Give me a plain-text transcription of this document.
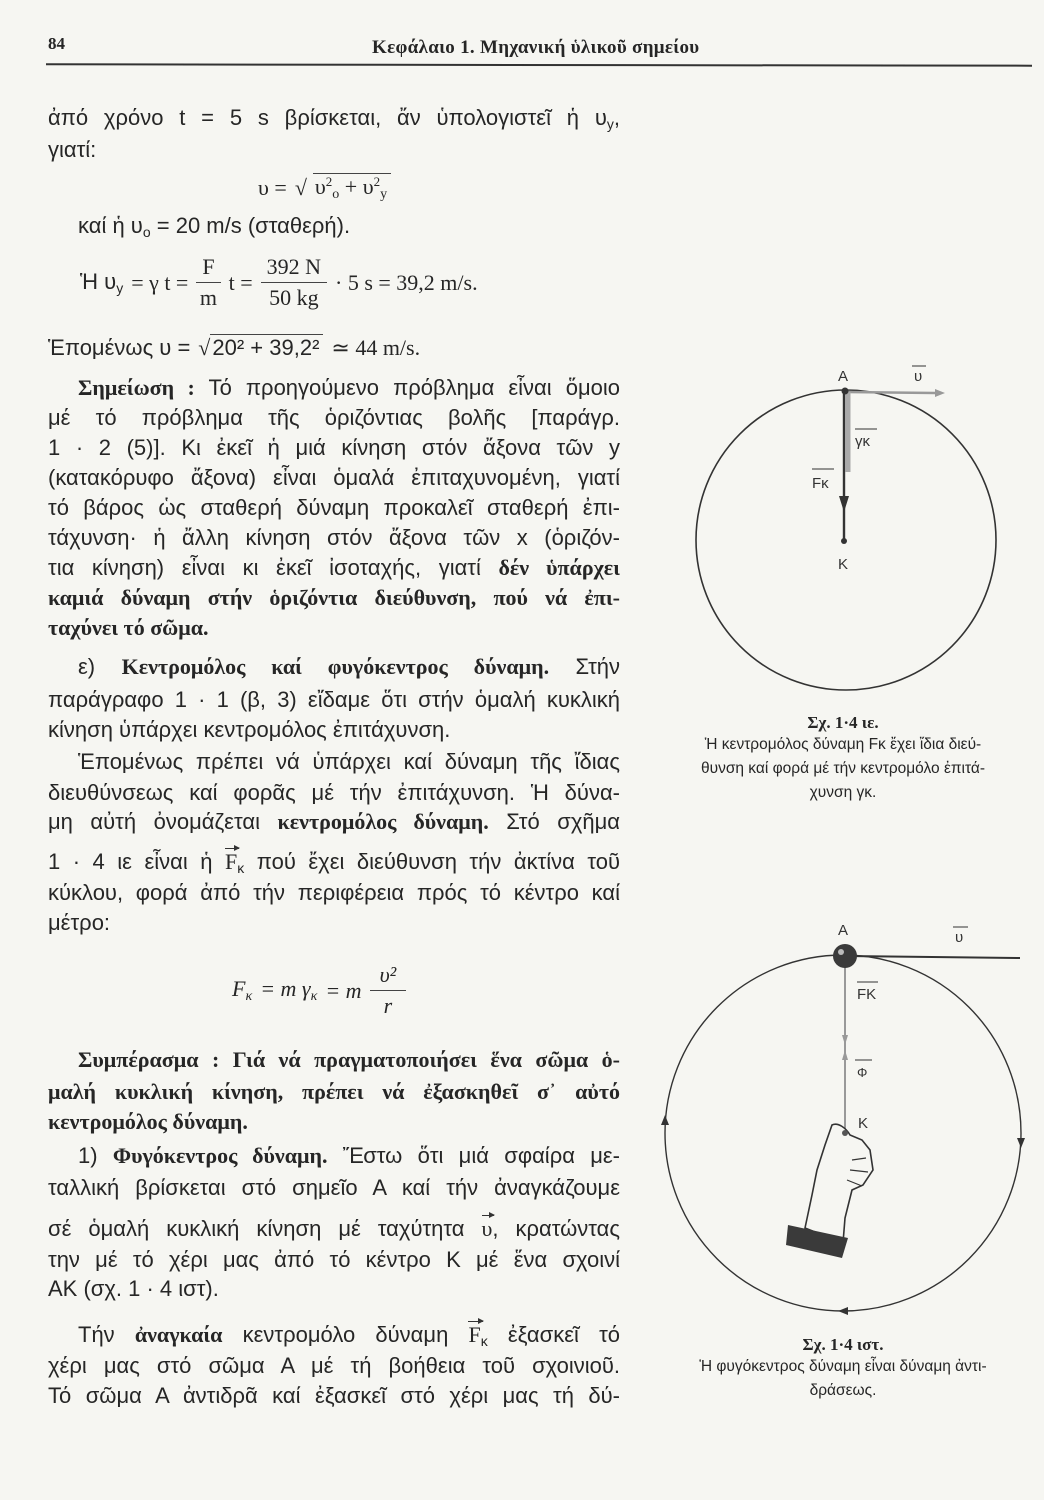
84	Κεφάλαιο 1. Μηχανική ὑλικοῦ σημείου
ἀπό χρόνο t = 5 s βρίσκεται, ἄν ὑπολογιστεῖ ἡ $\upsilon_y$,
γιατί:
καί ἡ $\upsilon_o = 20$ m/s (σταθερή).
Σημείωση : Τό προηγούμενο πρόβλημα εἶναι ὅμοιο
μέ τό πρόβλημα τῆς ὁριζόντιας βολῆς [παράγρ.
1 · 2 (5)]. Κι ἐκεῖ ἡ μιά κίνηση στόν ἄξονα τῶν y
(κατακόρυφο ἄξονα) εἶναι ὁμαλά ἐπιταχυνομένη, γιατί
τό βάρος ὡς σταθερή δύναμη προκαλεῖ σταθερή ἐπι-
τάχυνση· ἡ ἄλλη κίνηση στόν ἄξονα τῶν x (ὁριζόν-
τια κίνηση) εἶναι κι ἐκεῖ ἰσοταχής, γιατί δέν ὑπάρχει
καμιά δύναμη στήν ὁριζόντια διεύθυνση, πού νά ἐπι-
ταχύνει τό σῶμα.
ε) Κεντρομόλος καί φυγόκεντρος δύναμη. Στήν
παράγραφο 1 · 1 (β, 3) εἴδαμε ὅτι στήν ὁμαλή κυκλική
κίνηση ὑπάρχει κεντρομόλος ἐπιτάχυνση.
Ἑπομένως πρέπει νά ὑπάρχει καί δύναμη τῆς ἴδιας
διευθύνσεως καί φορᾶς μέ τήν ἐπιτάχυνση. Ἡ δύνα-
μη αὐτή ὀνομάζεται κεντρομόλος δύναμη. Στό σχῆμα
1 · 4 ιε εἶναι ἡ $F_\kappa$ πού ἔχει διεύθυνση τήν ἀκτίνα τοῦ
κύκλου, φορά ἀπό τήν περιφέρεια πρός τό κέντρο καί
μέτρο:
Συμπέρασμα : Γιά νά πραγματοποιήσει ἕνα σῶμα ὁ-
μαλή κυκλική κίνηση, πρέπει νά ἐξασκηθεῖ σ᾽ αὐτό
κεντρομόλος δύναμη.
1) Φυγόκεντρος δύναμη. Ἔστω ὅτι μιά σφαίρα με-
ταλλική βρίσκεται στό σημεῖο Α καί τήν ἀναγκάζουμε
σέ ὁμαλή κυκλική κίνηση μέ ταχύτητα υ, κρατώντας
την μέ τό χέρι μας ἀπό τό κέντρο Κ μέ ἕνα σχοινί
ΑΚ (σχ. 1 · 4 ιστ).
Τήν ἀναγκαία κεντρομόλο δύναμη $F_\kappa$ ἐξασκεῖ τό
χέρι μας στό σῶμα Α μέ τή βοήθεια τοῦ σχοινιοῦ.
Τό σῶμα Α ἀντιδρᾶ καί ἐξασκεῖ στό χέρι μας τή δύ-
υ = √ $\upsilon^2_o + \upsilon^2_y$
Ἡ $\upsilon_y = \gamma$ $t = \frac{F}{m}$ $t = \frac{392 N}{50 kg} \cdot 5$ s = 39,2 m/s.
Ἑπομένως υ = √ 20² + 39,2² ≃ 44 m/s.
$F_\kappa = m$ $\gamma_\kappa = m \frac{\text{υ²}}{r}$
A	υ
γκ
Fκ
K
A	υ
FK
Φ
K
Σχ. 1·4 ιε.
Ἡ κεντρομόλος δύναμη Fκ ἔχει ἴδια διεύ-
θυνση καί φορά μέ τήν κεντρομόλο ἐπιτά-
χυνση γκ.
Σχ. 1·4 ιστ.
Ἡ φυγόκεντρος δύναμη εἶναι δύναμη ἀντι-
δράσεως.
